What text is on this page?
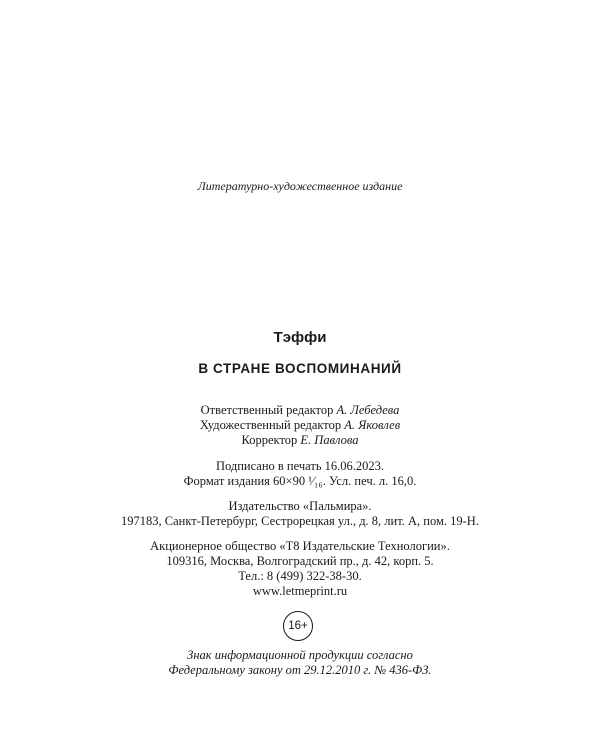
Литературно-художественное издание
Тэффи
В СТРАНЕ ВОСПОМИНАНИЙ
Ответственный редактор А. Лебедева
Художественный редактор А. Яковлев
Корректор Е. Павлова
Подписано в печать 16.06.2023.
Формат издания 60×90 ¹⁄₁₆. Усл. печ. л. 16,0.
Издательство «Пальмира».
197183, Санкт-Петербург, Сестрорецкая ул., д. 8, лит. А, пом. 19-Н.
Акционерное общество «Т8 Издательские Технологии».
109316, Москва, Волгоградский пр., д. 42, корп. 5.
Тел.: 8 (499) 322-38-30.
www.letmeprint.ru
16+
Знак информационной продукции согласно
Федеральному закону от 29.12.2010 г. № 436-ФЗ.
